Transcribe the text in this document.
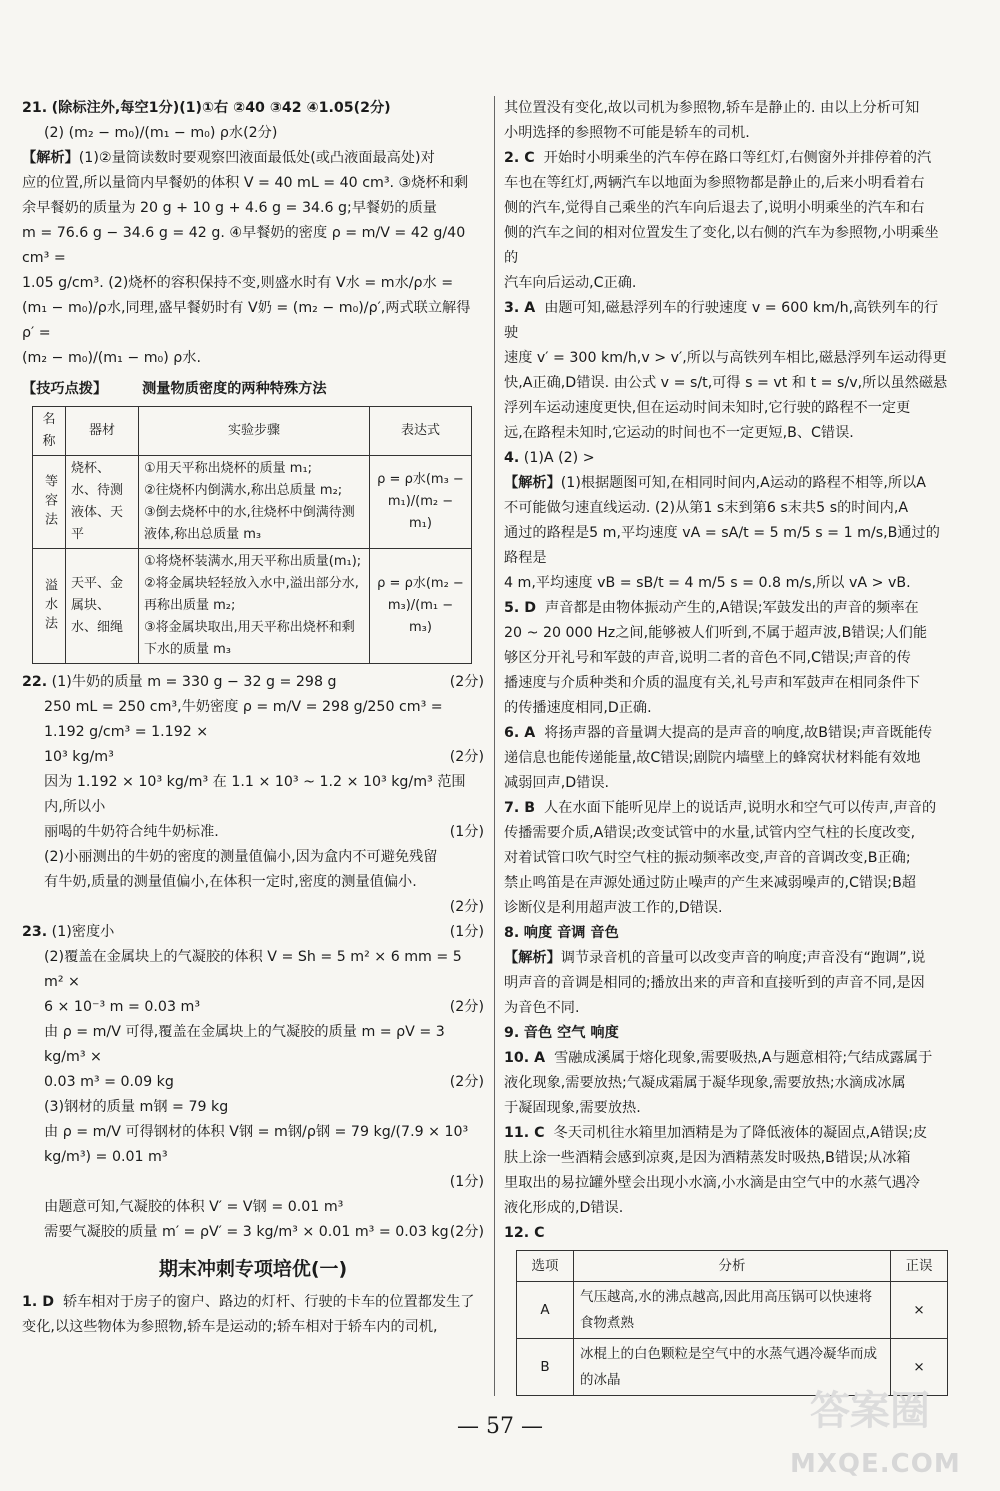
21. (除标注外,每空1分)(1)①右 ②40 ③42 ④1.05(2分)
(2) (m₂ − m₀)/(m₁ − m₀) ρ水(2分)
【解析】(1)②量筒读数时要观察凹液面最低处(或凸液面最高处)对
应的位置,所以量筒内早餐奶的体积 V = 40 mL = 40 cm³. ③烧杯和剩
余早餐奶的质量为 20 g + 10 g + 4.6 g = 34.6 g;早餐奶的质量
m = 76.6 g − 34.6 g = 42 g. ④早餐奶的密度 ρ = m/V = 42 g/40 cm³ =
1.05 g/cm³. (2)烧杯的容积保持不变,则盛水时有 V水 = m水/ρ水 =
(m₁ − m₀)/ρ水,同理,盛早餐奶时有 V奶 = (m₂ − m₀)/ρ′,两式联立解得 ρ′ =
(m₂ − m₀)/(m₁ − m₀) ρ水.
【技巧点拨】 测量物质密度的两种特殊方法
名称	器材	实验步骤	表达式
等容法	烧杯、水、待测液体、天平	①用天平称出烧杯的质量 m₁;
②往烧杯内倒满水,称出总质量 m₂;
③倒去烧杯中的水,往烧杯中倒满待测液体,称出总质量 m₃	ρ = ρ水(m₃ − m₁)/(m₂ − m₁)
溢水法	天平、金属块、水、细绳	①将烧杯装满水,用天平称出质量(m₁);
②将金属块轻轻放入水中,溢出部分水,再称出质量 m₂;
③将金属块取出,用天平称出烧杯和剩下水的质量 m₃	ρ = ρ水(m₂ − m₃)/(m₁ − m₃)
22. (1)牛奶的质量 m = 330 g − 32 g = 298 g	(2分)
250 mL = 250 cm³,牛奶密度 ρ = m/V = 298 g/250 cm³ = 1.192 g/cm³ = 1.192 ×
10³ kg/m³	(2分)
因为 1.192 × 10³ kg/m³ 在 1.1 × 10³ ~ 1.2 × 10³ kg/m³ 范围内,所以小
丽喝的牛奶符合纯牛奶标准.	(1分)
(2)小丽测出的牛奶的密度的测量值偏小,因为盒内不可避免残留
有牛奶,质量的测量值偏小,在体积一定时,密度的测量值偏小.
(2分)
23. (1)密度小	(1分)
(2)覆盖在金属块上的气凝胶的体积 V = Sh = 5 m² × 6 mm = 5 m² ×
6 × 10⁻³ m = 0.03 m³	(2分)
由 ρ = m/V 可得,覆盖在金属块上的气凝胶的质量 m = ρV = 3 kg/m³ ×
0.03 m³ = 0.09 kg	(2分)
(3)钢材的质量 m钢 = 79 kg
由 ρ = m/V 可得钢材的体积 V钢 = m钢/ρ钢 = 79 kg/(7.9 × 10³ kg/m³) = 0.01 m³
(1分)
由题意可知,气凝胶的体积 V′ = V钢 = 0.01 m³
需要气凝胶的质量 m′ = ρV′ = 3 kg/m³ × 0.01 m³ = 0.03 kg (2分)
期末冲刺专项培优(一)
1. D 轿车相对于房子的窗户、路边的灯杆、行驶的卡车的位置都发生了
变化,以这些物体为参照物,轿车是运动的;轿车相对于轿车内的司机,
其位置没有变化,故以司机为参照物,轿车是静止的. 由以上分析可知
小明选择的参照物不可能是轿车的司机.
2. C 开始时小明乘坐的汽车停在路口等红灯,右侧窗外并排停着的汽
车也在等红灯,两辆汽车以地面为参照物都是静止的,后来小明看着右
侧的汽车,觉得自己乘坐的汽车向后退去了,说明小明乘坐的汽车和右
侧的汽车之间的相对位置发生了变化,以右侧的汽车为参照物,小明乘坐的
汽车向后运动,C正确.
3. A 由题可知,磁悬浮列车的行驶速度 v = 600 km/h,高铁列车的行驶
速度 v′ = 300 km/h,v > v′,所以与高铁列车相比,磁悬浮列车运动得更
快,A正确,D错误. 由公式 v = s/t,可得 s = vt 和 t = s/v,所以虽然磁悬
浮列车运动速度更快,但在运动时间未知时,它行驶的路程不一定更
远,在路程未知时,它运动的时间也不一定更短,B、C错误.
4. (1)A (2) >
【解析】(1)根据题图可知,在相同时间内,A运动的路程不相等,所以A
不可能做匀速直线运动. (2)从第1 s末到第6 s末共5 s的时间内,A
通过的路程是5 m,平均速度 vA = sA/t = 5 m/5 s = 1 m/s,B通过的路程是
4 m,平均速度 vB = sB/t = 4 m/5 s = 0.8 m/s,所以 vA > vB.
5. D 声音都是由物体振动产生的,A错误;军鼓发出的声音的频率在
20 ~ 20 000 Hz之间,能够被人们听到,不属于超声波,B错误;人们能
够区分开礼号和军鼓的声音,说明二者的音色不同,C错误;声音的传
播速度与介质种类和介质的温度有关,礼号声和军鼓声在相同条件下
的传播速度相同,D正确.
6. A 将扬声器的音量调大提高的是声音的响度,故B错误;声音既能传
递信息也能传递能量,故C错误;剧院内墙壁上的蜂窝状材料能有效地
减弱回声,D错误.
7. B 人在水面下能听见岸上的说话声,说明水和空气可以传声,声音的
传播需要介质,A错误;改变试管中的水量,试管内空气柱的长度改变,
对着试管口吹气时空气柱的振动频率改变,声音的音调改变,B正确;
禁止鸣笛是在声源处通过防止噪声的产生来减弱噪声的,C错误;B超
诊断仪是利用超声波工作的,D错误.
8. 响度 音调 音色
【解析】调节录音机的音量可以改变声音的响度;声音没有“跑调”,说
明声音的音调是相同的;播放出来的声音和直接听到的声音不同,是因
为音色不同.
9. 音色 空气 响度
10. A 雪融成溪属于熔化现象,需要吸热,A与题意相符;气结成露属于
液化现象,需要放热;气凝成霜属于凝华现象,需要放热;水滴成冰属
于凝固现象,需要放热.
11. C 冬天司机往水箱里加酒精是为了降低液体的凝固点,A错误;皮
肤上涂一些酒精会感到凉爽,是因为酒精蒸发时吸热,B错误;从冰箱
里取出的易拉罐外壁会出现小水滴,小水滴是由空气中的水蒸气遇冷
液化形成的,D错误.
12. C
选项	分析	正误
A	气压越高,水的沸点越高,因此用高压锅可以快速将食物煮熟	×
B	冰棍上的白色颗粒是空气中的水蒸气遇冷凝华而成的冰晶	×
— 57 —	答案圈
MXQE.COM
